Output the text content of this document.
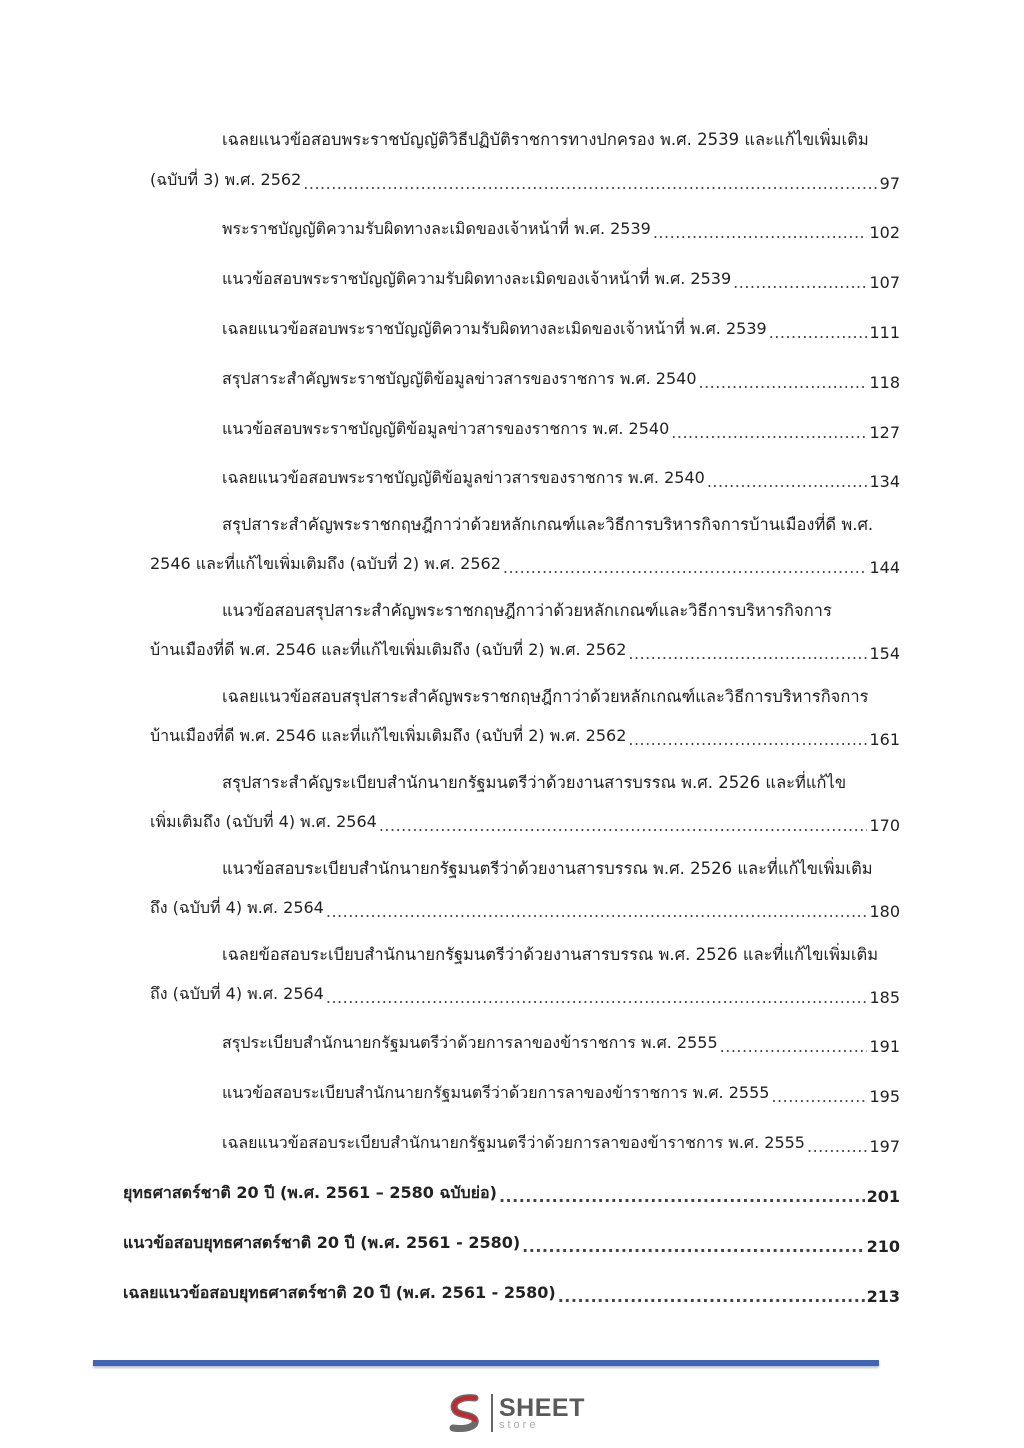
เฉลยแนวข้อสอบพระราชบัญญัติวิธีปฏิบัติราชการทางปกครอง พ.ศ. 2539 และแก้ไขเพิ่มเติม
(ฉบับที่ 3) พ.ศ. 2562 .....	97
พระราชบัญญัติความรับผิดทางละเมิดของเจ้าหน้าที่ พ.ศ. 2539 .....	102
แนวข้อสอบพระราชบัญญัติความรับผิดทางละเมิดของเจ้าหน้าที่ พ.ศ. 2539 .....	107
เฉลยแนวข้อสอบพระราชบัญญัติความรับผิดทางละเมิดของเจ้าหน้าที่ พ.ศ. 2539 .....	111
สรุปสาระสำคัญพระราชบัญญัติข้อมูลข่าวสารของราชการ พ.ศ. 2540 .....	118
แนวข้อสอบพระราชบัญญัติข้อมูลข่าวสารของราชการ พ.ศ. 2540 .....	127
เฉลยแนวข้อสอบพระราชบัญญัติข้อมูลข่าวสารของราชการ พ.ศ. 2540 .....	134
สรุปสาระสำคัญพระราชกฤษฎีกาว่าด้วยหลักเกณฑ์และวิธีการบริหารกิจการบ้านเมืองที่ดี พ.ศ.
2546 และที่แก้ไขเพิ่มเติมถึง (ฉบับที่ 2) พ.ศ. 2562 .....	144
แนวข้อสอบสรุปสาระสำคัญพระราชกฤษฎีกาว่าด้วยหลักเกณฑ์และวิธีการบริหารกิจการ
บ้านเมืองที่ดี พ.ศ. 2546 และที่แก้ไขเพิ่มเติมถึง (ฉบับที่ 2) พ.ศ. 2562 .....	154
เฉลยแนวข้อสอบสรุปสาระสำคัญพระราชกฤษฎีกาว่าด้วยหลักเกณฑ์และวิธีการบริหารกิจการ
บ้านเมืองที่ดี พ.ศ. 2546 และที่แก้ไขเพิ่มเติมถึง (ฉบับที่ 2) พ.ศ. 2562 .....	161
สรุปสาระสำคัญระเบียบสำนักนายกรัฐมนตรีว่าด้วยงานสารบรรณ พ.ศ. 2526 และที่แก้ไข
เพิ่มเติมถึง (ฉบับที่ 4) พ.ศ. 2564 .....	170
แนวข้อสอบระเบียบสำนักนายกรัฐมนตรีว่าด้วยงานสารบรรณ พ.ศ. 2526 และที่แก้ไขเพิ่มเติม
ถึง (ฉบับที่ 4) พ.ศ. 2564 .....	180
เฉลยข้อสอบระเบียบสำนักนายกรัฐมนตรีว่าด้วยงานสารบรรณ พ.ศ. 2526 และที่แก้ไขเพิ่มเติม
ถึง (ฉบับที่ 4) พ.ศ. 2564 .....	185
สรุประเบียบสำนักนายกรัฐมนตรีว่าด้วยการลาของข้าราชการ พ.ศ. 2555 .....	191
แนวข้อสอบระเบียบสำนักนายกรัฐมนตรีว่าด้วยการลาของข้าราชการ พ.ศ. 2555 .....	195
เฉลยแนวข้อสอบระเบียบสำนักนายกรัฐมนตรีว่าด้วยการลาของข้าราชการ พ.ศ. 2555 .....	197
ยุทธศาสตร์ชาติ 20 ปี (พ.ศ. 2561 – 2580 ฉบับย่อ) .....	201
แนวข้อสอบยุทธศาสตร์ชาติ 20 ปี (พ.ศ. 2561 - 2580) .....	210
เฉลยแนวข้อสอบยุทธศาสตร์ชาติ 20 ปี (พ.ศ. 2561 - 2580) .....	213
SHEET
store
